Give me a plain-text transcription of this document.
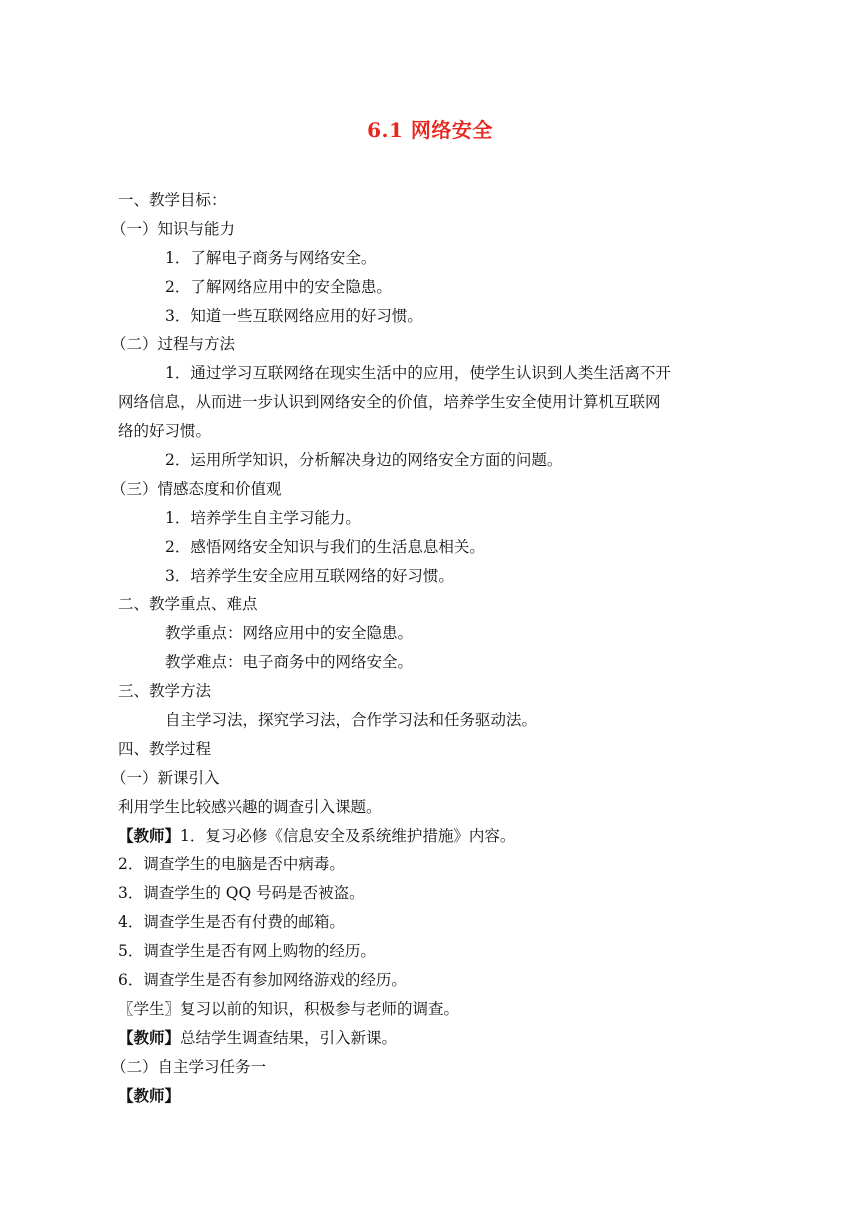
6.1 网络安全
一、教学目标：
（一）知识与能力
1．了解电子商务与网络安全。
2．了解网络应用中的安全隐患。
3．知道一些互联网络应用的好习惯。
（二）过程与方法
1．通过学习互联网络在现实生活中的应用，使学生认识到人类生活离不开
网络信息，从而进一步认识到网络安全的价值，培养学生安全使用计算机互联网
络的好习惯。
2．运用所学知识，分析解决身边的网络安全方面的问题。
（三）情感态度和价值观
1．培养学生自主学习能力。
2．感悟网络安全知识与我们的生活息息相关。
3．培养学生安全应用互联网络的好习惯。
二、教学重点、难点
教学重点：网络应用中的安全隐患。
教学难点：电子商务中的网络安全。
三、教学方法
自主学习法，探究学习法，合作学习法和任务驱动法。
四、教学过程
（一）新课引入
利用学生比较感兴趣的调查引入课题。
【教师】1．复习必修《信息安全及系统维护措施》内容。
2．调查学生的电脑是否中病毒。
3．调查学生的 QQ 号码是否被盗。
4．调查学生是否有付费的邮箱。
5．调查学生是否有网上购物的经历。
6．调查学生是否有参加网络游戏的经历。
〖学生〗复习以前的知识，积极参与老师的调查。
【教师】总结学生调查结果，引入新课。
（二）自主学习任务一
【教师】
